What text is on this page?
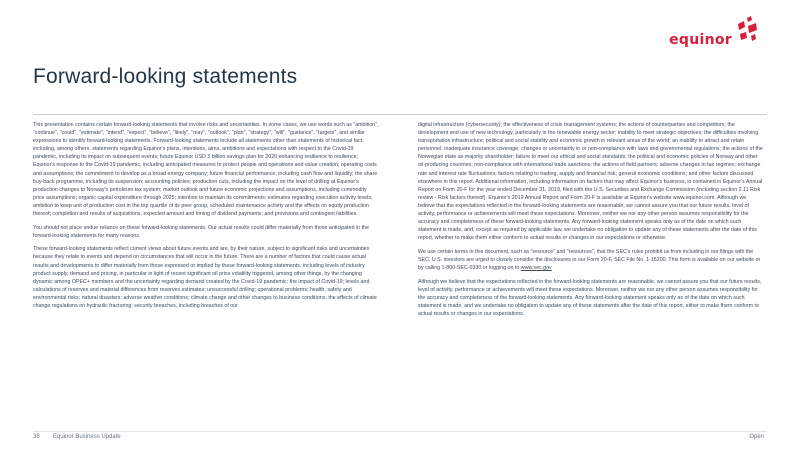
equinor
Forward-looking statements

This presentation contains certain forward-looking statements that involve risks and uncertainties. In some cases, we use words such as "ambition", "continue", "could", "estimate", "intend", "expect", "believe", "likely", "may", "outlook", "plan", "strategy", "will", "guidance", "targets", and similar expressions to identify forward-looking statements. Forward-looking statements include all statements other than statements of historical fact, including, among others, statements regarding Equinor's plans, intentions, aims, ambitions and expectations with respect to the Covid-19 pandemic, including its impact on subsequent events; future Equinor USD 3 billion savings plan for 2020 enhancing resilience to resilience; Equinor's response to the Covid-19 pandemic, including anticipated measures to protect people and operations and value creation; operating costs and assumptions; the commitment to develop as a broad energy company; future financial performance, including cash flow and liquidity; the share buy-back programme, including its suspension; accounting policies; production cuts, including the impact on the level of drilling at Equinor's production changes to Norway's petroleum tax system; market outlook and future economic projections and assumptions, including commodity price assumptions; organic capital expenditure through 2025; intention to maintain its commitments; estimates regarding execution activity levels; ambition to keep unit of production cost in the top quartile of its peer group; scheduled maintenance activity and the effects on equity production thereof; completion and results of acquisitions, expected amount and timing of dividend payments; and provisions and contingent liabilities.

You should not place undue reliance on these forward-looking statements. Our actual results could differ materially from those anticipated in the forward-looking statements for many reasons.

These forward-looking statements reflect current views about future events and are, by their nature, subject to significant risks and uncertainties because they relate to events and depend on circumstances that will occur in the future. There are a number of factors that could cause actual results and developments to differ materially from those expressed or implied by these forward-looking statements, including levels of industry product supply, demand and pricing, in particular in light of recent significant oil price volatility triggered, among other things, by the changing dynamic among OPEC+ members and the uncertainty regarding demand created by the Covid-19 pandemic; the impact of Covid-19; levels and calculations of reserves and material differences from reserves estimates; unsuccessful drilling; operational problems; health, safety and environmental risks; natural disasters; adverse weather conditions; climate change and other changes to business conditions; the effects of climate change regulations on hydraulic fracturing; security breaches, including breaches of our

digital infrastructure (cybersecurity); the effectiveness of crisis management systems; the actions of counterparties and competitors; the development and use of new technology, particularly in the renewable energy sector; inability to meet strategic objectives; the difficulties involving transportation infrastructure; political and social stability and economic growth in relevant areas of the world; an inability to attract and retain personnel; inadequate insurance coverage; changes or uncertainty in or non-compliance with laws and governmental regulations; the actions of the Norwegian state as majority shareholder; failure to meet our ethical and social standards; the political and economic policies of Norway and other oil-producing countries; non-compliance with international trade sanctions; the actions of field partners; adverse changes in tax regimes; exchange rate and interest rate fluctuations; factors relating to trading, supply and financial risk; general economic conditions; and other factors discussed elsewhere in this report. Additional information, including information on factors that may affect Equinor's business, is contained in Equinor's Annual Report on Form 20-F for the year ended December 31, 2019, filed with the U.S. Securities and Exchange Commission (including section 2.11 Risk review - Risk factors thereof). Equinor's 2019 Annual Report and Form 20-F is available at Equinor's website www.equinor.com. Although we believe that the expectations reflected in the forward-looking statements are reasonable, we cannot assure you that our future results, level of activity, performance or achievements will meet these expectations. Moreover, neither we nor any other person assumes responsibility for the accuracy and completeness of these forward-looking statements. Any forward-looking statement speaks only as of the date on which such statement is made, and, except as required by applicable law, we undertake no obligation to update any of these statements after the date of this report, whether to make them either conform to actual results or changes in our expectations or otherwise.

We use certain terms in this document, such as "resource" and "resources", that the SEC's rules prohibit us from including in our filings with the SEC. U.S. investors are urged to closely consider the disclosures in our Form 20-F, SEC File No. 1-15200. This form is available on our website or by calling 1-800-SEC-0330 or logging on to www.sec.gov

Although we believe that the expectations reflected in the forward-looking statements are reasonable, we cannot assure you that our future results, level of activity, performance or achievements will meet these expectations. Moreover, neither we nor any other person assumes responsibility for the accuracy and completeness of the forward-looking statements. Any forward-looking statement speaks only as of the date on which such statement is made, and we undertake no obligation to update any of these statements after the date of this report, either to make them conform to actual results or changes in our expectations.

38 Equinor Business Update	Open
